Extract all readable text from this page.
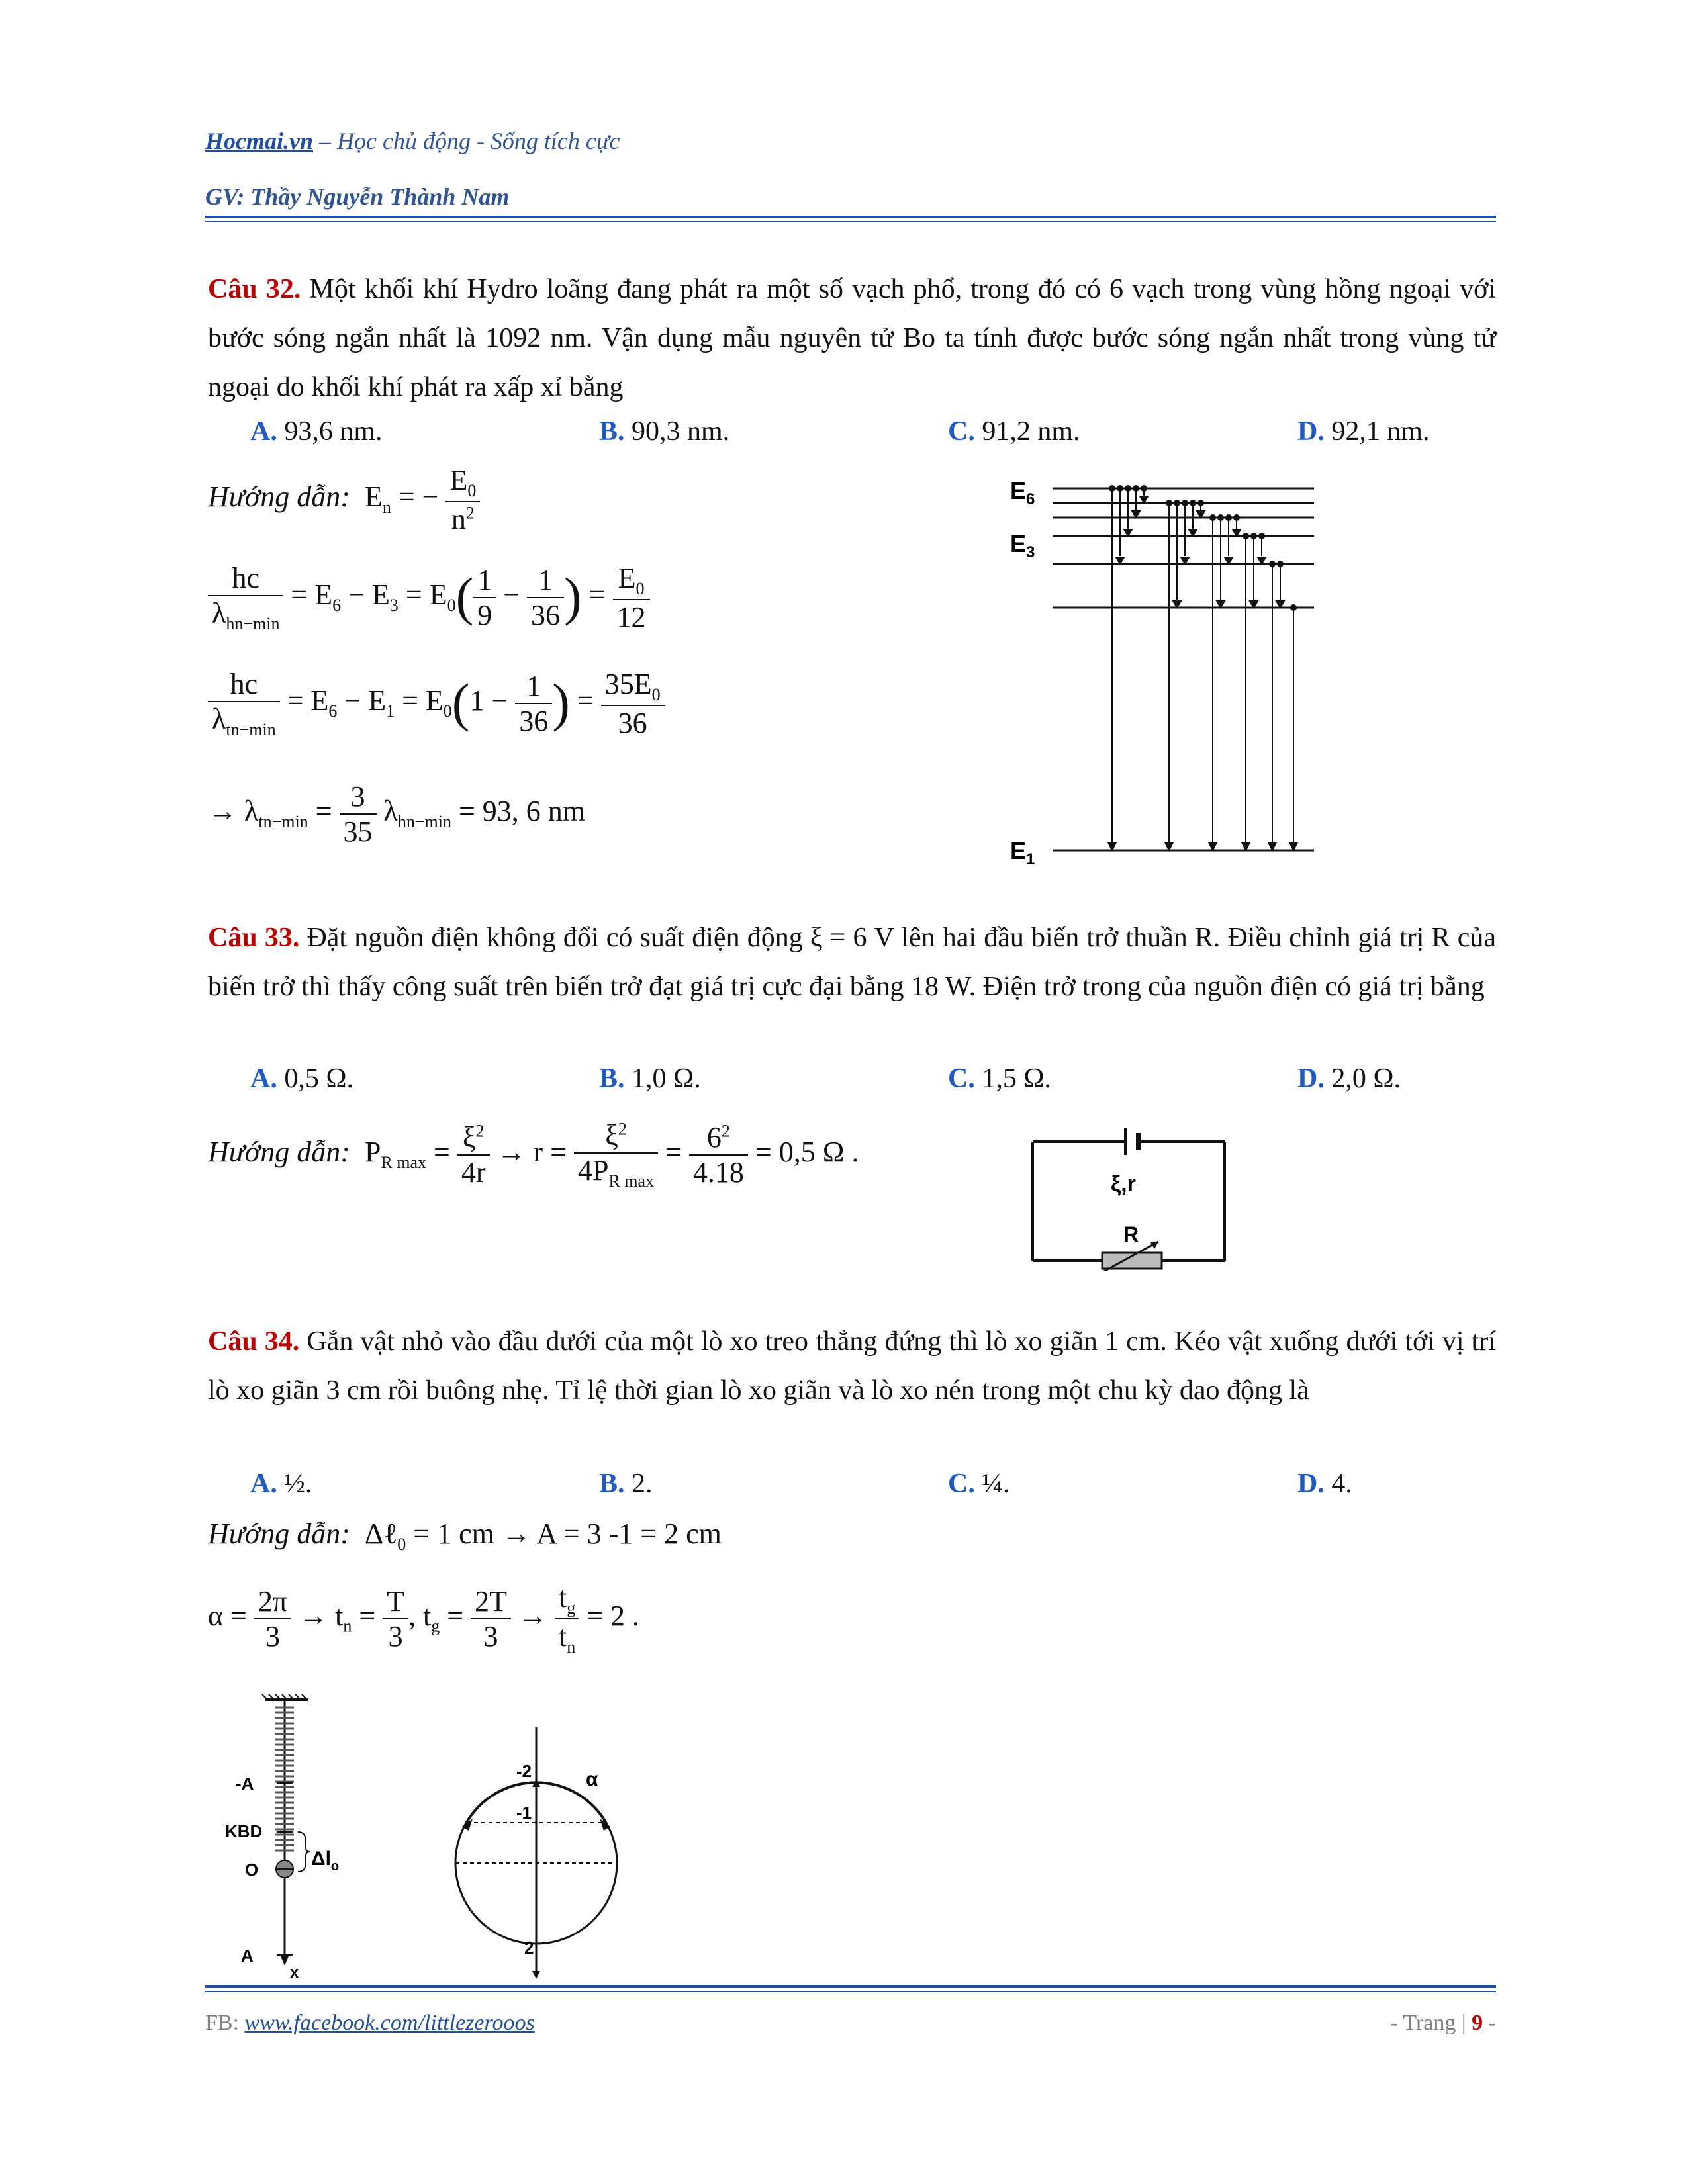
Hocmai.vn – Học chủ động - Sống tích cực
GV: Thầy Nguyễn Thành Nam
Câu 32. Một khối khí Hydro loãng đang phát ra một số vạch phổ, trong đó có 6 vạch trong vùng hồng ngoại với bước sóng ngắn nhất là 1092 nm. Vận dụng mẫu nguyên tử Bo ta tính được bước sóng ngắn nhất trong vùng tử ngoại do khối khí phát ra xấp xỉ bằng
A. 93,6 nm.	B. 90,3 nm.	C. 91,2 nm.	D. 92,1 nm.
Hướng dẫn:  $E_n$ = − $\frac{E_0}{n^2}$
$\frac{hc}{\lambda_{hn-min}} = E_6 - E_3 = E_0( \frac{1}{9} - \frac{1}{36}$ ) = $\frac{E_0}{12}$
$\frac{hc}{\lambda_{tn-min}} = E_6 - E_1 = E_0(1 - \frac{1}{36}$ ) = $\frac{35E_0}{36}$
→ $\lambda_{tn-min} = \frac{3}{35} \lambda_{hn-min} = 93$, 6 nm
$E_6$
$E_3$
$E_1$
Câu 33. Đặt nguồn điện không đổi có suất điện động ξ = 6 V lên hai đầu biến trở thuần R. Điều chỉnh giá trị R của biến trở thì thấy công suất trên biến trở đạt giá trị cực đại bằng 18 W. Điện trở trong của nguồn điện có giá trị bằng
A. 0,5 Ω.	B. 1,0 Ω.	C. 1,5 Ω.	D. 2,0 Ω.
Hướng dẫn:  $P_{R max} = \frac{\xi^2}{4r} \to r = \frac{\xi^2}{4P_{R max}} = \frac{6^2}{4.18} = 0,5$ Ω .
ξ,r
R
Câu 34. Gắn vật nhỏ vào đầu dưới của một lò xo treo thẳng đứng thì lò xo giãn 1 cm. Kéo vật xuống dưới tới vị trí lò xo giãn 3 cm rồi buông nhẹ. Tỉ lệ thời gian lò xo giãn và lò xo nén trong một chu kỳ dao động là
A. ½.	B. 2.	C. ¼.	D. 4.
Hướng dẫn:  Δℓ$_0$ = 1 cm → A = 3 -1 = 2 cm
$\alpha = \frac{2\pi}{3} \to t_n = \frac{T}{3}$ , $t_g = \frac{2T}{3} \to \frac{t_g}{t_n} = 2$ .
$\Delta l_o$
-A
KBD
O
A
x
-2
-1
2
α
FB: www.facebook.com/littlezerooos	- Trang | 9 -
